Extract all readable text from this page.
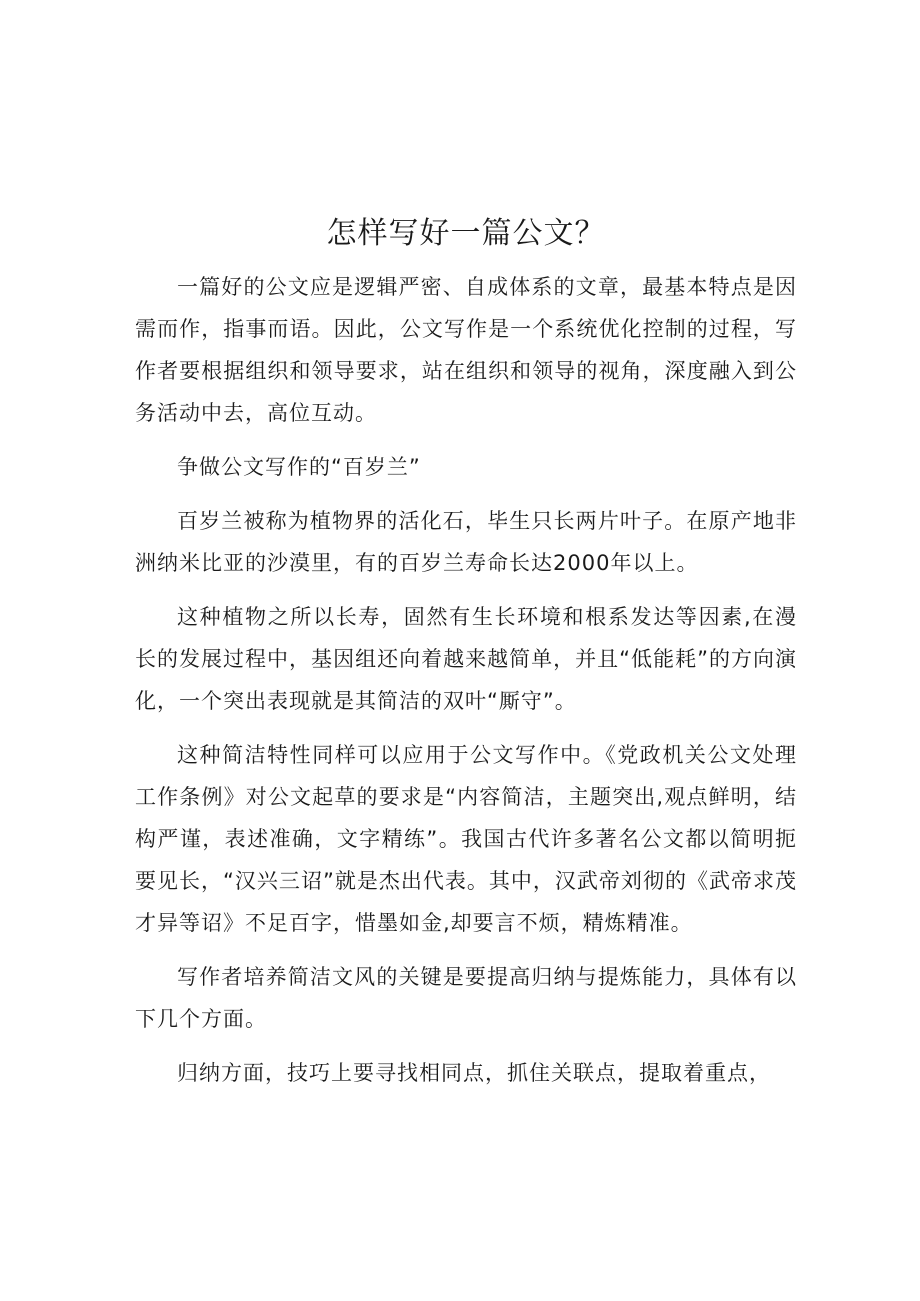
怎样写好一篇公文？

一篇好的公文应是逻辑严密、自成体系的文章，最基本特点是因需而作，指事而语。因此，公文写作是一个系统优化控制的过程，写作者要根据组织和领导要求，站在组织和领导的视角，深度融入到公务活动中去，高位互动。

争做公文写作的“百岁兰”

百岁兰被称为植物界的活化石，毕生只长两片叶子。在原产地非洲纳米比亚的沙漠里，有的百岁兰寿命长达2000年以上。

这种植物之所以长寿，固然有生长环境和根系发达等因素,在漫长的发展过程中，基因组还向着越来越简单，并且“低能耗”的方向演化，一个突出表现就是其简洁的双叶“厮守”。

这种简洁特性同样可以应用于公文写作中。《党政机关公文处理工作条例》对公文起草的要求是“内容简洁，主题突出,观点鲜明，结构严谨，表述准确，文字精练”。我国古代许多著名公文都以简明扼要见长，“汉兴三诏”就是杰出代表。其中，汉武帝刘彻的《武帝求茂才异等诏》不足百字，惜墨如金,却要言不烦，精炼精准。

写作者培养简洁文风的关键是要提高归纳与提炼能力，具体有以下几个方面。

归纳方面，技巧上要寻找相同点，抓住关联点，提取着重点，
